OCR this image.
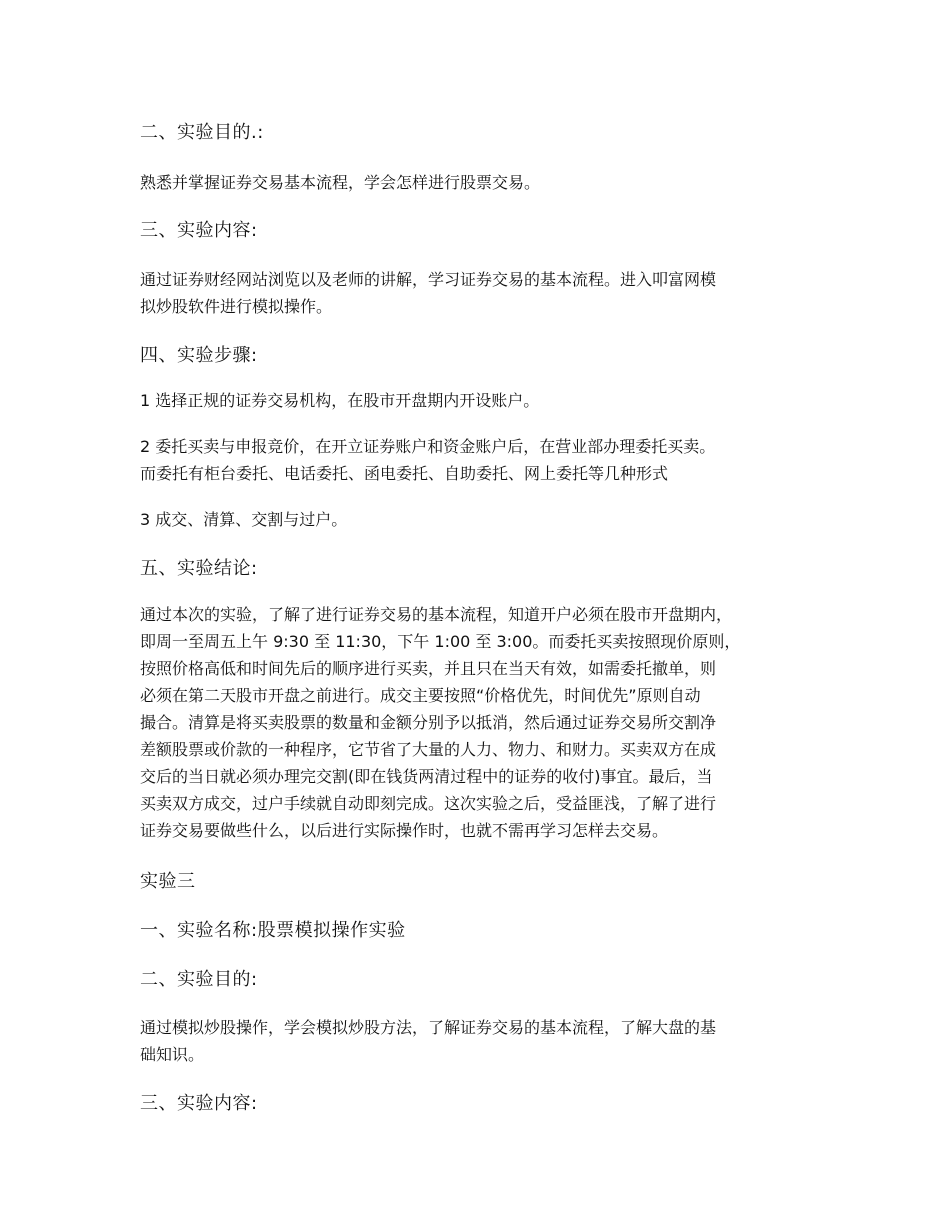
二、实验目的.:
熟悉并掌握证券交易基本流程，学会怎样进行股票交易。
三、实验内容:
通过证券财经网站浏览以及老师的讲解，学习证券交易的基本流程。进入叩富网模
拟炒股软件进行模拟操作。
四、实验步骤:
1 选择正规的证券交易机构，在股市开盘期内开设账户。
2 委托买卖与申报竞价，在开立证券账户和资金账户后，在营业部办理委托买卖。
而委托有柜台委托、电话委托、函电委托、自助委托、网上委托等几种形式
3 成交、清算、交割与过户。
五、实验结论:
通过本次的实验，了解了进行证券交易的基本流程，知道开户必须在股市开盘期内，
即周一至周五上午 9:30 至 11:30，下午 1:00 至 3:00。而委托买卖按照现价原则，
按照价格高低和时间先后的顺序进行买卖，并且只在当天有效，如需委托撤单，则
必须在第二天股市开盘之前进行。成交主要按照“价格优先，时间优先”原则自动
撮合。清算是将买卖股票的数量和金额分别予以抵消，然后通过证券交易所交割净
差额股票或价款的一种程序，它节省了大量的人力、物力、和财力。买卖双方在成
交后的当日就必须办理完交割(即在钱货两清过程中的证券的收付)事宜。最后，当
买卖双方成交，过户手续就自动即刻完成。这次实验之后，受益匪浅，了解了进行
证券交易要做些什么，以后进行实际操作时，也就不需再学习怎样去交易。
实验三
一、实验名称:股票模拟操作实验
二、实验目的:
通过模拟炒股操作，学会模拟炒股方法，了解证券交易的基本流程，了解大盘的基
础知识。
三、实验内容:
